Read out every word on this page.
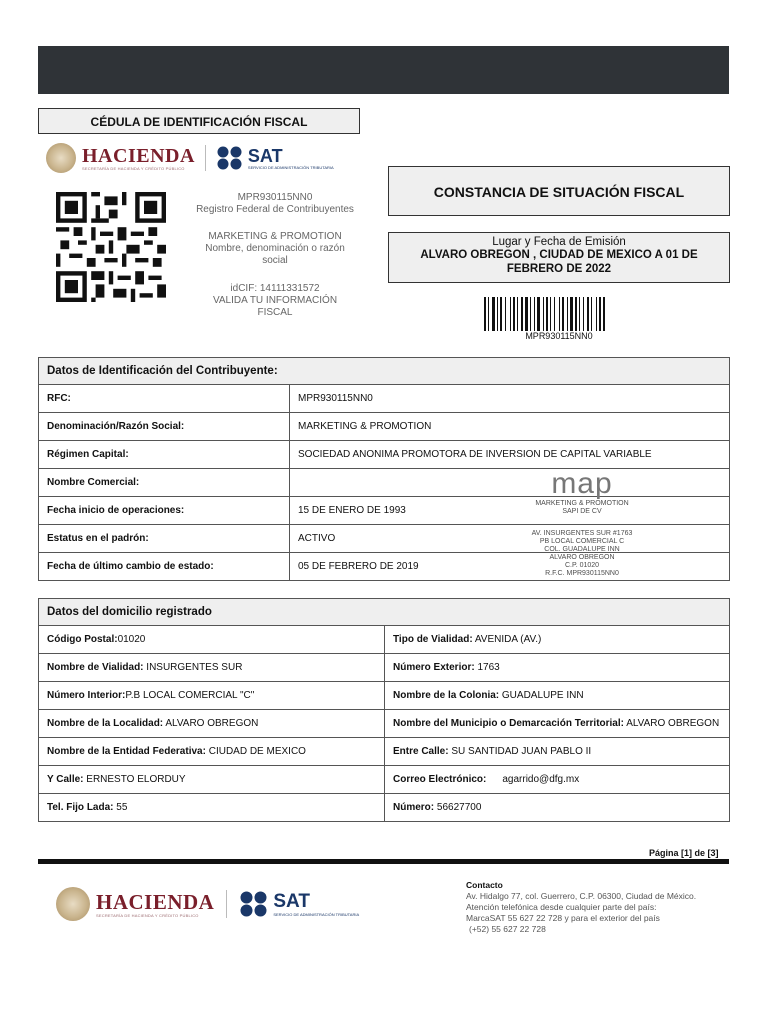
CÉDULA DE IDENTIFICACIÓN FISCAL
HACIENDA
SECRETARÍA DE HACIENDA Y CRÉDITO PÚBLICO
SAT
SERVICIO DE ADMINISTRACIÓN TRIBUTARIA
MPR930115NN0
Registro Federal de Contribuyentes
MARKETING & PROMOTION
Nombre, denominación o razón
social
idCIF: 14111331572
VALIDA TU INFORMACIÓN
FISCAL
CONSTANCIA DE SITUACIÓN FISCAL
Lugar y Fecha de Emisión
ALVARO OBREGON , CIUDAD DE MEXICO A 01 DE
FEBRERO DE 2022
MPR930115NN0
Datos de Identificación del Contribuyente:	
RFC:	MPR930115NN0
Denominación/Razón Social:	MARKETING & PROMOTION
Régimen Capital:	SOCIEDAD ANONIMA PROMOTORA DE INVERSION DE CAPITAL VARIABLE
Nombre Comercial:	
Fecha inicio de operaciones:	15 DE ENERO DE 1993
Estatus en el padrón:	ACTIVO
Fecha de último cambio de estado:	05 DE FEBRERO DE 2019
map
MARKETING & PROMOTION
SAPI DE CV
AV. INSURGENTES SUR #1763
PB LOCAL COMERCIAL C
COL. GUADALUPE INN
ALVARO OBREGON
C.P. 01020
R.F.C. MPR930115NN0
Datos del domicilio registrado	
Código Postal:01020	Tipo de Vialidad: AVENIDA (AV.)
Nombre de Vialidad: INSURGENTES SUR	Número Exterior: 1763
Número Interior:P.B LOCAL COMERCIAL "C"	Nombre de la Colonia: GUADALUPE INN
Nombre de la Localidad: ALVARO OBREGON	Nombre del Municipio o Demarcación Territorial: ALVARO OBREGON
Nombre de la Entidad Federativa: CIUDAD DE MEXICO	Entre Calle: SU SANTIDAD JUAN PABLO II
Y Calle: ERNESTO ELORDUY	Correo Electrónico: agarrido@dfg.mx
Tel. Fijo Lada: 55	Número: 56627700
Página [1] de [3]
HACIENDA
SECRETARÍA DE HACIENDA Y CRÉDITO PÚBLICO
SAT
SERVICIO DE ADMINISTRACIÓN TRIBUTARIA
Contacto
Av. Hidalgo 77, col. Guerrero, C.P. 06300, Ciudad de México.
Atención telefónica desde cualquier parte del país:
MarcaSAT 55 627 22 728 y para el exterior del país
(+52) 55 627 22 728
